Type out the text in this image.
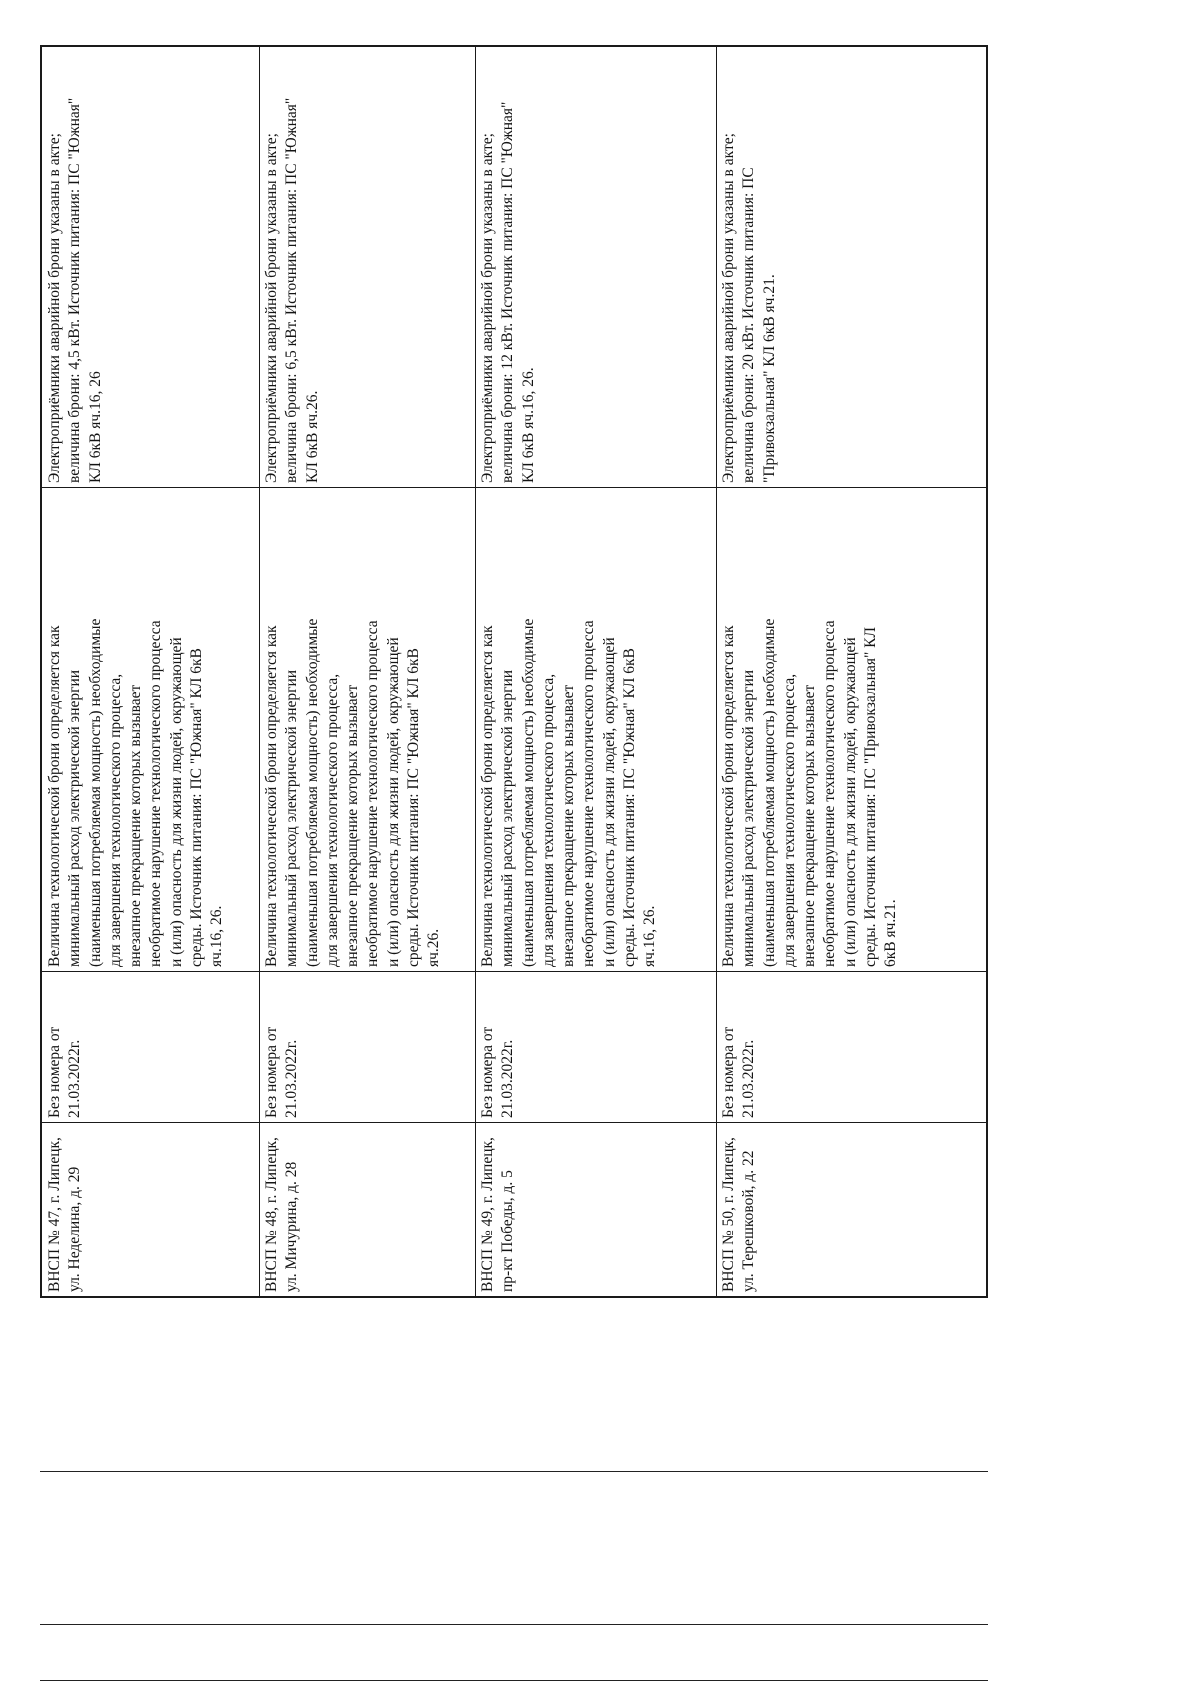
ВНСП № 47, г. Липецк,
ул. Неделина, д. 29
Без номера от
21.03.2022г.
Величина технологической брони определяется как
минимальный расход электрической энергии
(наименьшая потребляемая мощность) необходимые
для завершения технологического процесса,
внезапное прекращение которых вызывает
необратимое нарушение технологического процесса
и (или) опасность для жизни людей, окружающей
среды. Источник питания: ПС "Южная" КЛ 6кВ
яч.16, 26.
Электроприёмники аварийной брони указаны в акте;
величина брони: 4,5 кВт. Источник питания: ПС "Южная"
КЛ 6кВ яч.16, 26
ВНСП № 48, г. Липецк,
ул. Мичурина, д. 28
Без номера от
21.03.2022г.
Величина технологической брони определяется как
минимальный расход электрической энергии
(наименьшая потребляемая мощность) необходимые
для завершения технологического процесса,
внезапное прекращение которых вызывает
необратимое нарушение технологического процесса
и (или) опасность для жизни людей, окружающей
среды. Источник питания: ПС "Южная" КЛ 6кВ
яч.26.
Электроприёмники аварийной брони указаны в акте;
величина брони: 6,5 кВт. Источник питания: ПС "Южная"
КЛ 6кВ яч.26.
ВНСП № 49, г. Липецк,
пр-кт Победы, д. 5
Без номера от
21.03.2022г.
Величина технологической брони определяется как
минимальный расход электрической энергии
(наименьшая потребляемая мощность) необходимые
для завершения технологического процесса,
внезапное прекращение которых вызывает
необратимое нарушение технологического процесса
и (или) опасность для жизни людей, окружающей
среды. Источник питания: ПС "Южная" КЛ 6кВ
яч.16, 26.
Электроприёмники аварийной брони указаны в акте;
величина брони: 12 кВт. Источник питания: ПС "Южная"
КЛ 6кВ яч.16, 26.
ВНСП № 50, г. Липецк,
ул. Терешковой, д. 22
Без номера от
21.03.2022г.
Величина технологической брони определяется как
минимальный расход электрической энергии
(наименьшая потребляемая мощность) необходимые
для завершения технологического процесса,
внезапное прекращение которых вызывает
необратимое нарушение технологического процесса
и (или) опасность для жизни людей, окружающей
среды. Источник питания: ПС "Привокзальная" КЛ
6кВ яч.21.
Электроприёмники аварийной брони указаны в акте;
величина брони: 20 кВт. Источник питания: ПС
"Привокзальная" КЛ 6кВ яч.21.
